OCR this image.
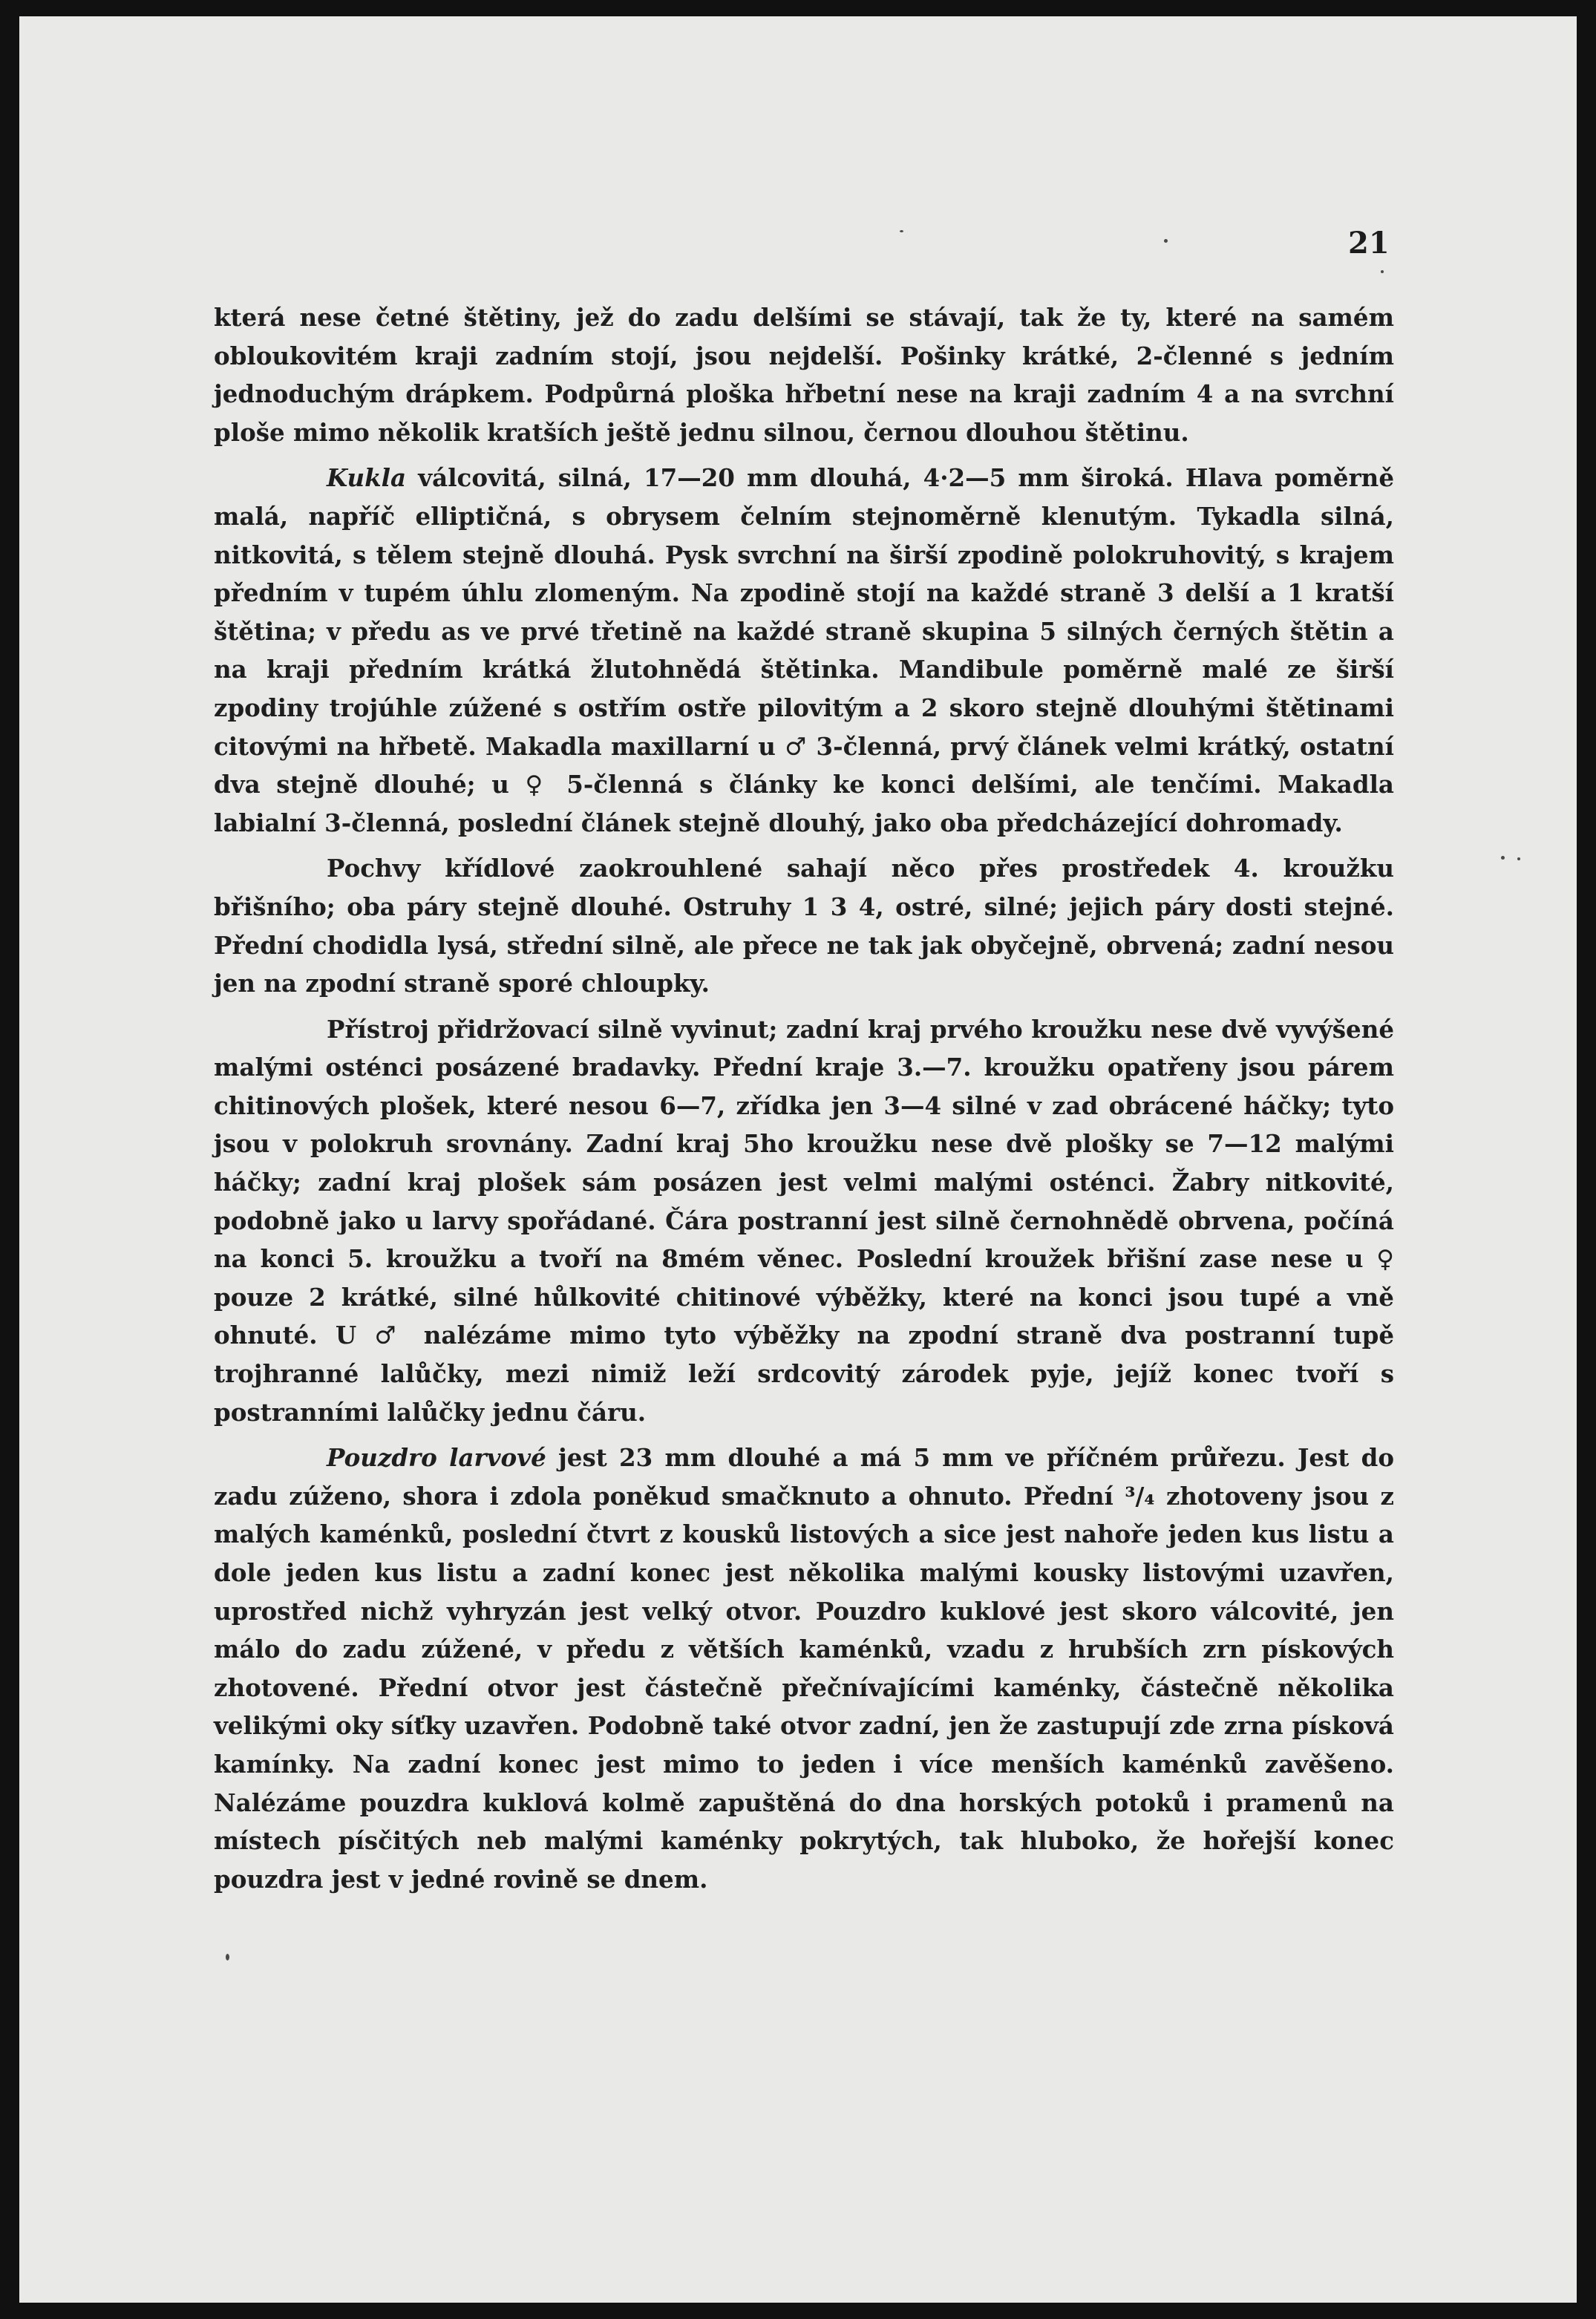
21

která nese četné štětiny, jež do zadu delšími se stávají, tak že ty, které na samém obloukovitém kraji zadním stojí, jsou nejdelší. Pošinky krátké, 2-členné s jedním jednoduchým drápkem. Podpůrná ploška hřbetní nese na kraji zadním 4 a na svrchní ploše mimo několik kratších ještě jednu silnou, černou dlouhou štětinu.

Kukla válcovitá, silná, 17—20 mm dlouhá, 4·2—5 mm široká. Hlava poměrně malá, napříč elliptičná, s obrysem čelním stejnoměrně klenutým. Tykadla silná, nitkovitá, s tělem stejně dlouhá. Pysk svrchní na širší zpodině polokruhovitý, s krajem předním v tupém úhlu zlomeným. Na zpodině stojí na každé straně 3 delší a 1 kratší štětina; v předu as ve prvé třetině na každé straně skupina 5 silných černých štětin a na kraji předním krátká žlutohnědá štětinka. Mandibule poměrně malé ze širší zpodiny trojúhle zúžené s ostřím ostře pilovitým a 2 skoro stejně dlouhými štětinami citovými na hřbetě. Makadla maxillarní u ♂ 3-členná, prvý článek velmi krátký, ostatní dva stejně dlouhé; u ♀ 5-členná s články ke konci delšími, ale tenčími. Makadla labialní 3-členná, poslední článek stejně dlouhý, jako oba předcházející dohromady.

Pochvy křídlové zaokrouhlené sahají něco přes prostředek 4. kroužku břišního; oba páry stejně dlouhé. Ostruhy 1 3 4, ostré, silné; jejich páry dosti stejné. Přední chodidla lysá, střední silně, ale přece ne tak jak obyčejně, obrvená; zadní nesou jen na zpodní straně sporé chloupky.

Přístroj přidržovací silně vyvinut; zadní kraj prvého kroužku nese dvě vyvýšené malými osténci posázené bradavky. Přední kraje 3.—7. kroužku opatřeny jsou párem chitinových plošek, které nesou 6—7, zřídka jen 3—4 silné v zad obrácené háčky; tyto jsou v polokruh srovnány. Zadní kraj 5ho kroužku nese dvě plošky se 7—12 malými háčky; zadní kraj plošek sám posázen jest velmi malými osténci. Žabry nitkovité, podobně jako u larvy spořádané. Čára postranní jest silně černohnědě obrvena, počíná na konci 5. kroužku a tvoří na 8mém věnec. Poslední kroužek břišní zase nese u ♀ pouze 2 krátké, silné hůlkovité chitinové výběžky, které na konci jsou tupé a vně ohnuté. U ♂ nalézáme mimo tyto výběžky na zpodní straně dva postranní tupě trojhranné lalůčky, mezi nimiž leží srdcovitý zárodek pyje, jejíž konec tvoří s postranními lalůčky jednu čáru.

Pouzdro larvové jest 23 mm dlouhé a má 5 mm ve příčném průřezu. Jest do zadu zúženo, shora i zdola poněkud smačknuto a ohnuto. Přední ³/₄ zhotoveny jsou z malých kaménků, poslední čtvrt z kousků listových a sice jest nahoře jeden kus listu a dole jeden kus listu a zadní konec jest několika malými kousky listovými uzavřen, uprostřed nichž vyhryzán jest velký otvor. Pouzdro kuklové jest skoro válcovité, jen málo do zadu zúžené, v předu z větších kaménků, vzadu z hrubších zrn pískových zhotovené. Přední otvor jest částečně přečnívajícími kaménky, částečně několika velikými oky síťky uzavřen. Podobně také otvor zadní, jen že zastupují zde zrna písková kamínky. Na zadní konec jest mimo to jeden i více menších kaménků zavěšeno. Nalézáme pouzdra kuklová kolmě zapuštěná do dna horských potoků i pramenů na místech písčitých neb malými kaménky pokrytých, tak hluboko, že hořejší konec pouzdra jest v jedné rovině se dnem.
